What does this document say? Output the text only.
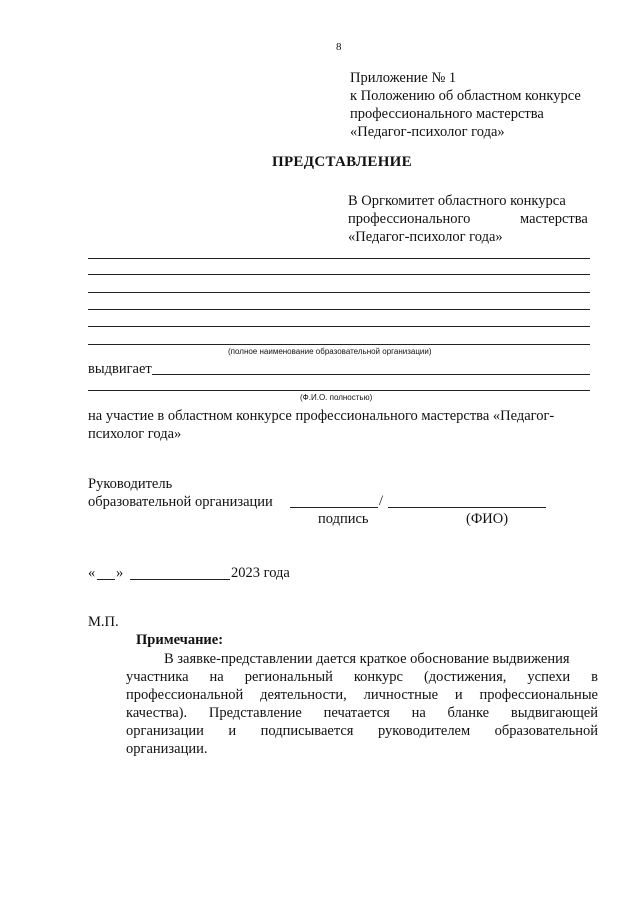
8
Приложение № 1
к Положению об областном конкурсе
профессионального мастерства
«Педагог-психолог года»
ПРЕДСТАВЛЕНИЕ
В Оргкомитет областного конкурса
профессионального	мастерства
«Педагог-психолог года»
(полное наименование образовательной организации)
выдвигает
(Ф.И.О. полностью)
на участие в областном конкурсе профессионального мастерства «Педагог-
психолог года»
Руководитель
образовательной организации	/
подпись	(ФИО)
« »	2023 года
М.П.
Примечание:
В заявке-представлении дается краткое обоснование выдвижения
участника на региональный конкурс (достижения, успехи в
профессиональной деятельности, личностные и профессиональные
качества). Представление печатается на бланке выдвигающей
организации и подписывается руководителем образовательной
организации.
